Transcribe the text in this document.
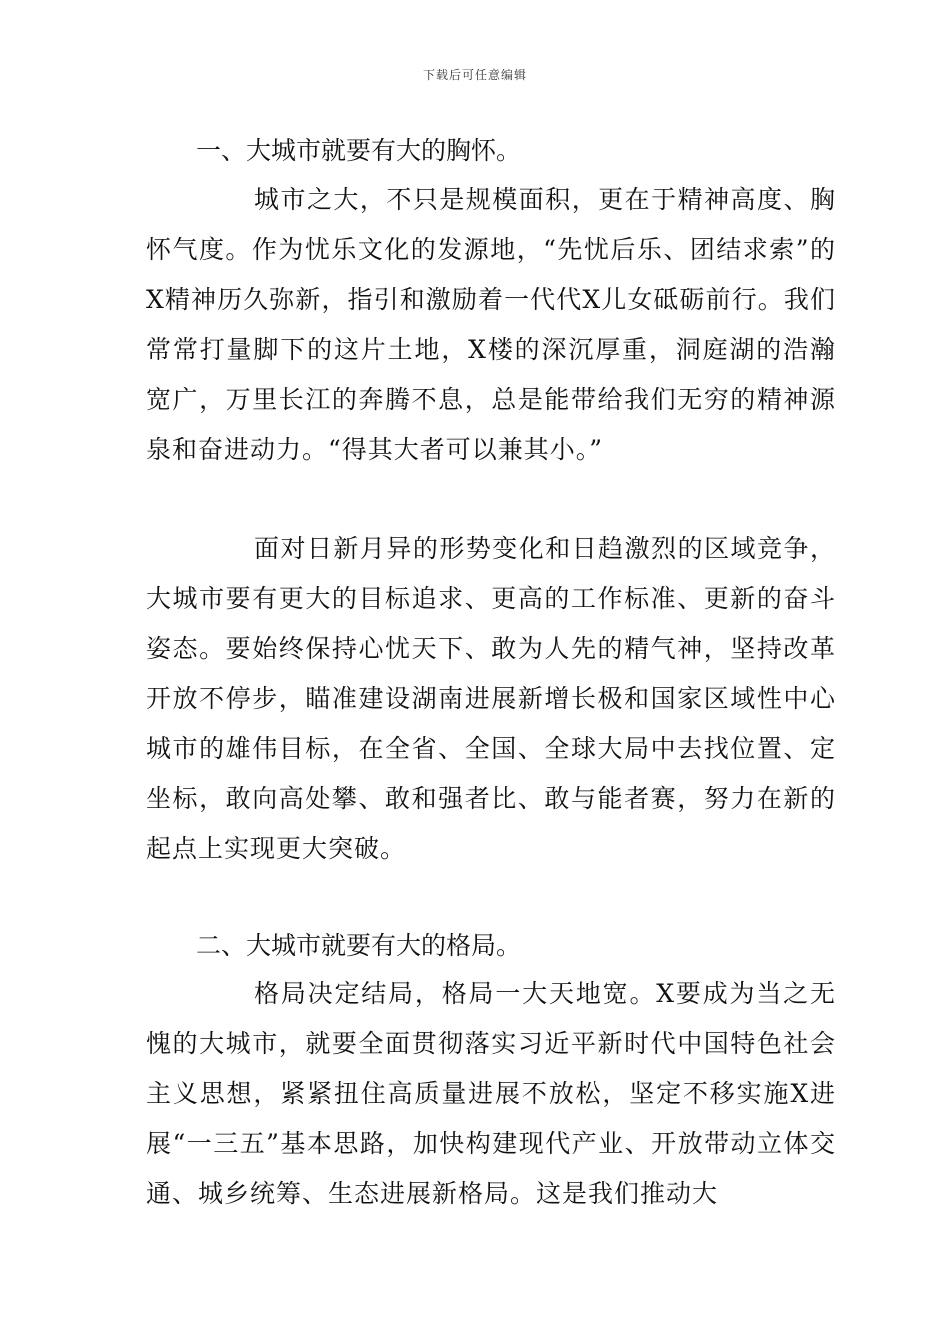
下载后可任意编辑
一、大城市就要有大的胸怀。
城市之大，不只是规模面积，更在于精神高度、胸怀气度。作为忧乐文化的发源地，“先忧后乐、团结求索”的X精神历久弥新，指引和激励着一代代X儿女砥砺前行。我们常常打量脚下的这片土地，X楼的深沉厚重，洞庭湖的浩瀚宽广，万里长江的奔腾不息，总是能带给我们无穷的精神源泉和奋进动力。“得其大者可以兼其小。”
面对日新月异的形势变化和日趋激烈的区域竞争，大城市要有更大的目标追求、更高的工作标准、更新的奋斗姿态。要始终保持心忧天下、敢为人先的精气神，坚持改革开放不停步，瞄准建设湖南进展新增长极和国家区域性中心城市的雄伟目标，在全省、全国、全球大局中去找位置、定坐标，敢向高处攀、敢和强者比、敢与能者赛，努力在新的起点上实现更大突破。
二、大城市就要有大的格局。
格局决定结局，格局一大天地宽。X要成为当之无愧的大城市，就要全面贯彻落实习近平新时代中国特色社会主义思想，紧紧扭住高质量进展不放松，坚定不移实施X进展“一三五”基本思路，加快构建现代产业、开放带动立体交通、城乡统筹、生态进展新格局。这是我们推动大
